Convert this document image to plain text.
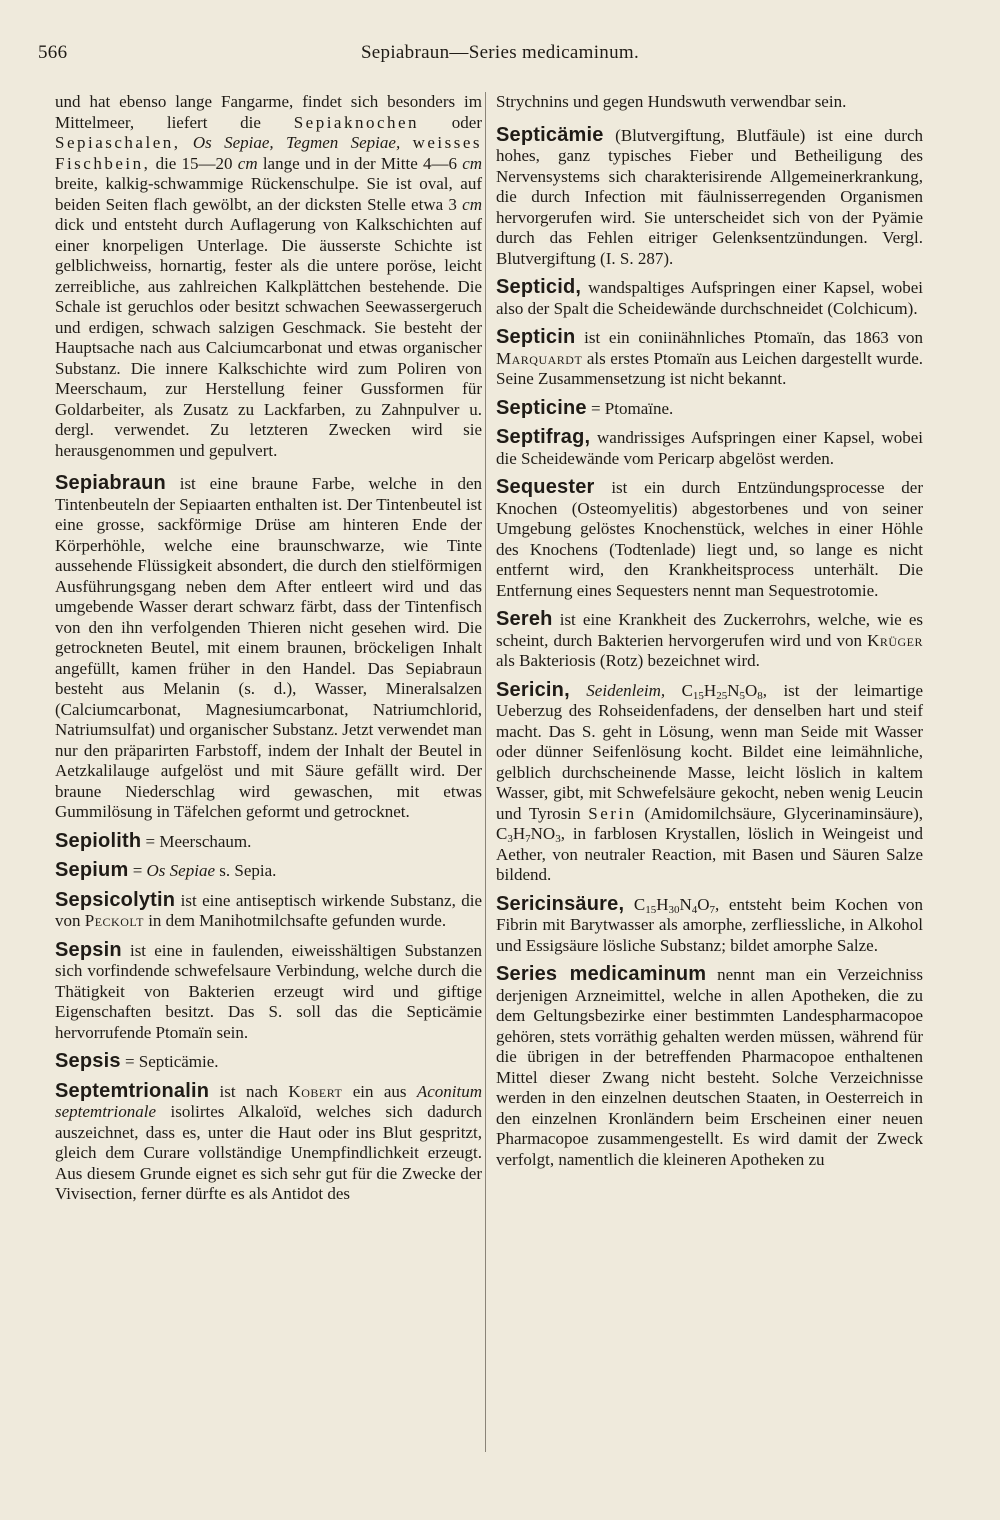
566	Sepiabraun—Series medicaminum.

und hat ebenso lange Fangarme, findet sich besonders im Mittelmeer, liefert die Sepiaknochen oder Sepiaschalen, Os Sepiae, Tegmen Sepiae, weisses Fischbein, die 15—20 cm lange und in der Mitte 4—6 cm breite, kalkig-schwammige Rückenschulpe. Sie ist oval, auf beiden Seiten flach gewölbt, an der dicksten Stelle etwa 3 cm dick und entsteht durch Auflagerung von Kalkschichten auf einer knorpeligen Unterlage. Die äusserste Schichte ist gelblichweiss, hornartig, fester als die untere poröse, leicht zerreibliche, aus zahlreichen Kalkplättchen bestehende. Die Schale ist geruchlos oder besitzt schwachen Seewassergeruch und erdigen, schwach salzigen Geschmack. Sie besteht der Hauptsache nach aus Calciumcarbonat und etwas organischer Substanz. Die innere Kalkschichte wird zum Poliren von Meerschaum, zur Herstellung feiner Gussformen für Goldarbeiter, als Zusatz zu Lackfarben, zu Zahnpulver u. dergl. verwendet. Zu letzteren Zwecken wird sie herausgenommen und gepulvert.

Sepiabraun ist eine braune Farbe, welche in den Tintenbeuteln der Sepiaarten enthalten ist. Der Tintenbeutel ist eine grosse, sackförmige Drüse am hinteren Ende der Körperhöhle, welche eine braunschwarze, wie Tinte aussehende Flüssigkeit absondert, die durch den stielförmigen Ausführungsgang neben dem After entleert wird und das umgebende Wasser derart schwarz färbt, dass der Tintenfisch von den ihn verfolgenden Thieren nicht gesehen wird. Die getrockneten Beutel, mit einem braunen, bröckeligen Inhalt angefüllt, kamen früher in den Handel. Das Sepiabraun besteht aus Melanin (s. d.), Wasser, Mineralsalzen (Calciumcarbonat, Magnesiumcarbonat, Natriumchlorid, Natriumsulfat) und organischer Substanz. Jetzt verwendet man nur den präparirten Farbstoff, indem der Inhalt der Beutel in Aetzkalilauge aufgelöst und mit Säure gefällt wird. Der braune Niederschlag wird gewaschen, mit etwas Gummilösung in Täfelchen geformt und getrocknet.

Sepiolith = Meerschaum.

Sepium = Os Sepiae s. Sepia.

Sepsicolytin ist eine antiseptisch wirkende Substanz, die von Peckolt in dem Manihotmilchsafte gefunden wurde.

Sepsin ist eine in faulenden, eiweisshältigen Substanzen sich vorfindende schwefelsaure Verbindung, welche durch die Thätigkeit von Bakterien erzeugt wird und giftige Eigenschaften besitzt. Das S. soll das die Septicämie hervorrufende Ptomaïn sein.

Sepsis = Septicämie.

Septemtrionalin ist nach Kobert ein aus Aconitum septemtrionale isolirtes Alkaloïd, welches sich dadurch auszeichnet, dass es, unter die Haut oder ins Blut gespritzt, gleich dem Curare vollständige Unempfindlichkeit erzeugt. Aus diesem Grunde eignet es sich sehr gut für die Zwecke der Vivisection, ferner dürfte es als Antidot des

Strychnins und gegen Hundswuth verwendbar sein.

Septicämie (Blutvergiftung, Blutfäule) ist eine durch hohes, ganz typisches Fieber und Betheiligung des Nervensystems sich charakterisirende Allgemeinerkrankung, die durch Infection mit fäulnisserregenden Organismen hervorgerufen wird. Sie unterscheidet sich von der Pyämie durch das Fehlen eitriger Gelenksentzündungen. Vergl. Blutvergiftung (I. S. 287).

Septicid, wandspaltiges Aufspringen einer Kapsel, wobei also der Spalt die Scheidewände durchschneidet (Colchicum).

Septicin ist ein coniinähnliches Ptomaïn, das 1863 von Marquardt als erstes Ptomaïn aus Leichen dargestellt wurde. Seine Zusammensetzung ist nicht bekannt.

Septicine = Ptomaïne.

Septifrag, wandrissiges Aufspringen einer Kapsel, wobei die Scheidewände vom Pericarp abgelöst werden.

Sequester ist ein durch Entzündungsprocesse der Knochen (Osteomyelitis) abgestorbenes und von seiner Umgebung gelöstes Knochenstück, welches in einer Höhle des Knochens (Todtenlade) liegt und, so lange es nicht entfernt wird, den Krankheitsprocess unterhält. Die Entfernung eines Sequesters nennt man Sequestrotomie.

Sereh ist eine Krankheit des Zuckerrohrs, welche, wie es scheint, durch Bakterien hervorgerufen wird und von Krüger als Bakteriosis (Rotz) bezeichnet wird.

Sericin, Seidenleim, $C_{15}H_{25}N_5O_8$, ist der leimartige Ueberzug des Rohseidenfadens, der denselben hart und steif macht. Das S. geht in Lösung, wenn man Seide mit Wasser oder dünner Seifenlösung kocht. Bildet eine leimähnliche, gelblich durchscheinende Masse, leicht löslich in kaltem Wasser, gibt, mit Schwefelsäure gekocht, neben wenig Leucin und Tyrosin Serin (Amidomilchsäure, Glycerinaminsäure), $C_3H_7NO_3$, in farblosen Krystallen, löslich in Weingeist und Aether, von neutraler Reaction, mit Basen und Säuren Salze bildend.

Sericinsäure, $C_{15}H_{30}N_4O_7$, entsteht beim Kochen von Fibrin mit Barytwasser als amorphe, zerfliessliche, in Alkohol und Essigsäure lösliche Substanz; bildet amorphe Salze.

Series medicaminum nennt man ein Verzeichniss derjenigen Arzneimittel, welche in allen Apotheken, die zu dem Geltungsbezirke einer bestimmten Landespharmacopoe gehören, stets vorräthig gehalten werden müssen, während für die übrigen in der betreffenden Pharmacopoe enthaltenen Mittel dieser Zwang nicht besteht. Solche Verzeichnisse werden in den einzelnen deutschen Staaten, in Oesterreich in den einzelnen Kronländern beim Erscheinen einer neuen Pharmacopoe zusammengestellt. Es wird damit der Zweck verfolgt, namentlich die kleineren Apotheken zu
